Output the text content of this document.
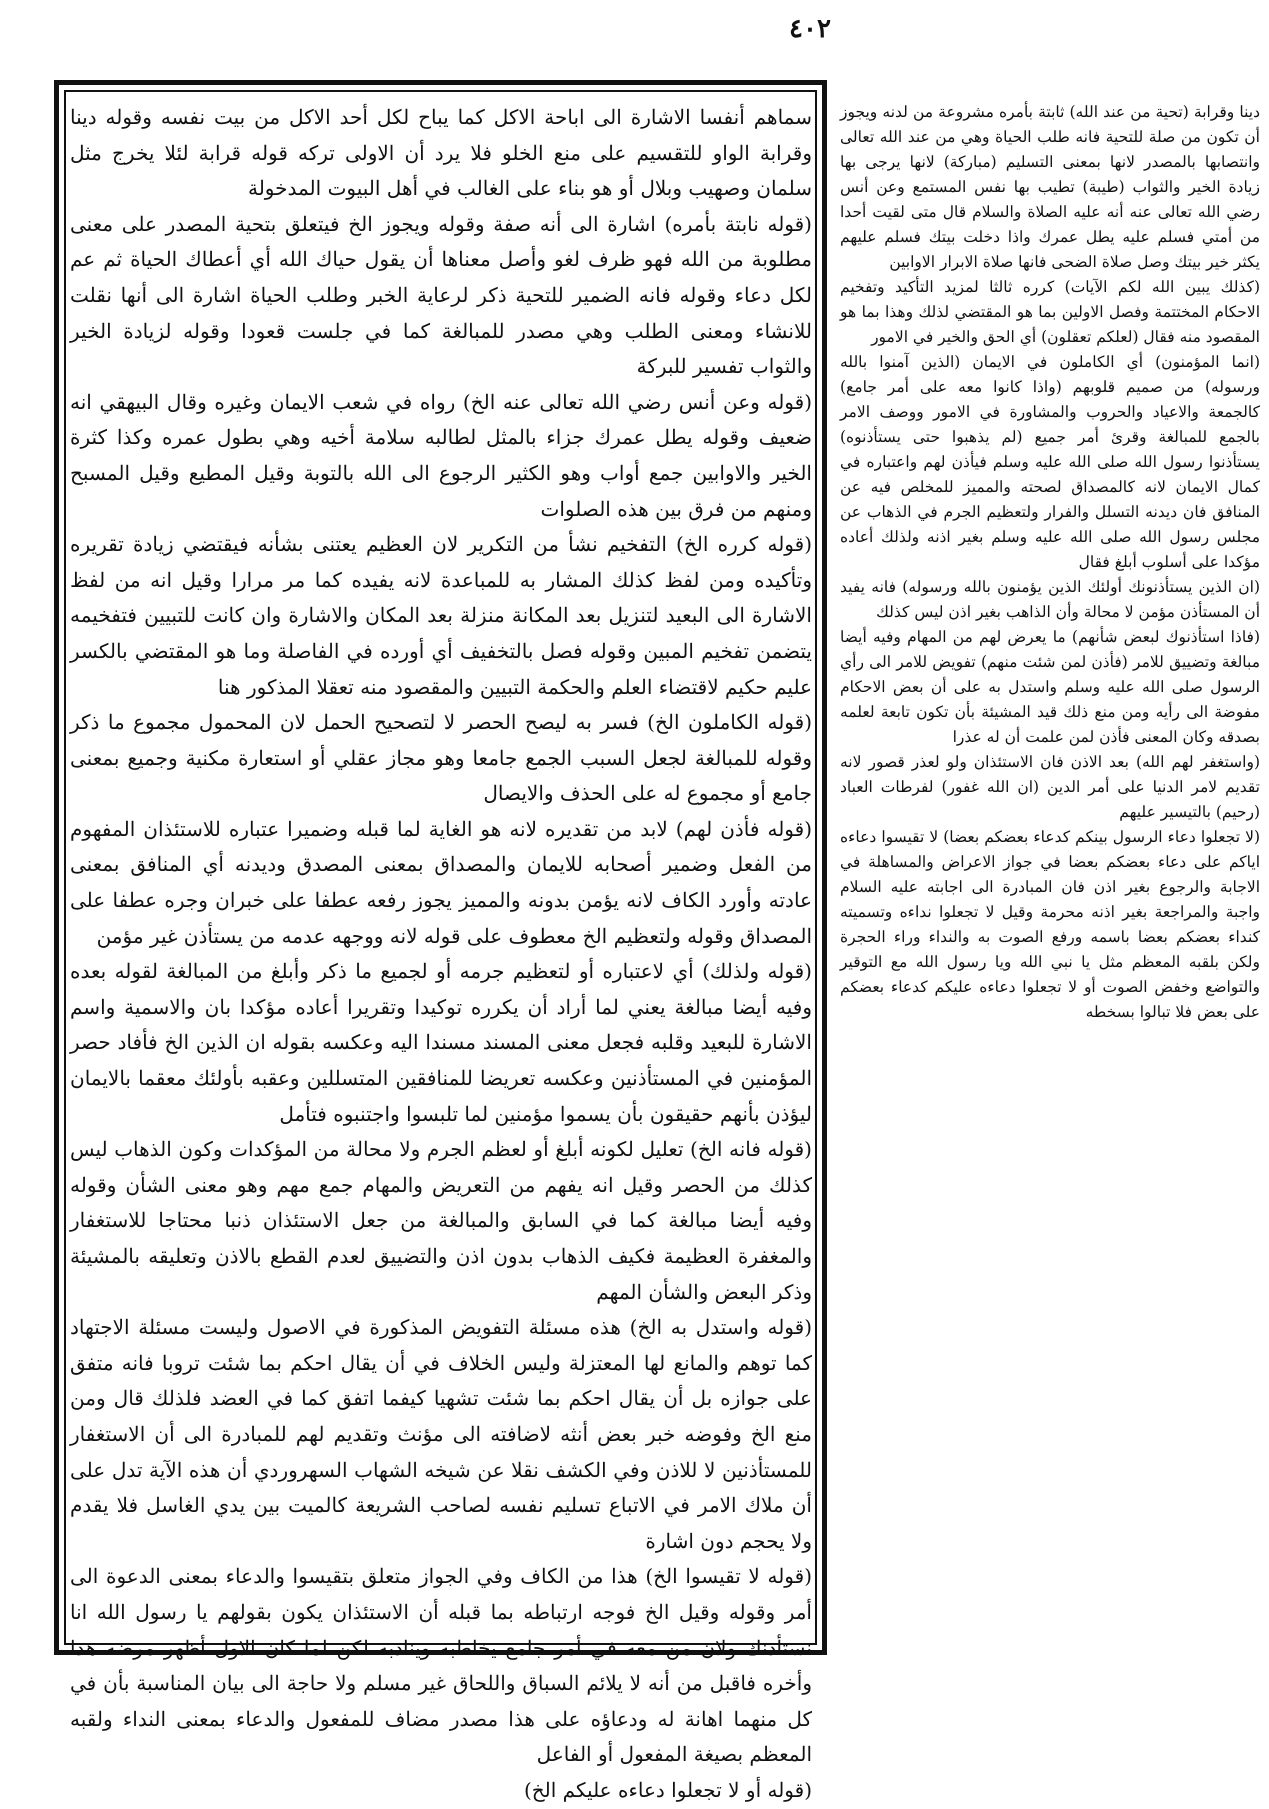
٤٠٢

سماهم أنفسا الاشارة الى اباحة الاكل كما يباح لكل أحد الاكل من بيت نفسه وقوله دينا وقرابة الواو للتقسيم على منع الخلو فلا يرد أن الاولى تركه قوله قرابة لئلا يخرج مثل سلمان وصهيب وبلال أو هو بناء على الغالب في أهل البيوت المدخولة

(قوله نابتة بأمره) اشارة الى أنه صفة وقوله ويجوز الخ فيتعلق بتحية المصدر على معنى مطلوبة من الله فهو ظرف لغو وأصل معناها أن يقول حياك الله أي أعطاك الحياة ثم عم لكل دعاء وقوله فانه الضمير للتحية ذكر لرعاية الخبر وطلب الحياة اشارة الى أنها نقلت للانشاء ومعنى الطلب وهي مصدر للمبالغة كما في جلست قعودا وقوله لزيادة الخير والثواب تفسير للبركة

(قوله وعن أنس رضي الله تعالى عنه الخ) رواه في شعب الايمان وغيره وقال البيهقي انه ضعيف وقوله يطل عمرك جزاء بالمثل لطالبه سلامة أخيه وهي بطول عمره وكذا كثرة الخير والاوابين جمع أواب وهو الكثير الرجوع الى الله بالتوبة وقيل المطيع وقيل المسبح ومنهم من فرق بين هذه الصلوات

(قوله كرره الخ) التفخيم نشأ من التكرير لان العظيم يعتنى بشأنه فيقتضي زيادة تقريره وتأكيده ومن لفظ كذلك المشار به للمباعدة لانه يفيده كما مر مرارا وقيل انه من لفظ الاشارة الى البعيد لتنزيل بعد المكانة منزلة بعد المكان والاشارة وان كانت للتبيين فتفخيمه يتضمن تفخيم المبين وقوله فصل بالتخفيف أي أورده في الفاصلة وما هو المقتضي بالكسر عليم حكيم لاقتضاء العلم والحكمة التبيين والمقصود منه تعقلا المذكور هنا

(قوله الكاملون الخ) فسر به ليصح الحصر لا لتصحيح الحمل لان المحمول مجموع ما ذكر وقوله للمبالغة لجعل السبب الجمع جامعا وهو مجاز عقلي أو استعارة مكنية وجميع بمعنى جامع أو مجموع له على الحذف والايصال

(قوله فأذن لهم) لابد من تقديره لانه هو الغاية لما قبله وضميرا عتباره للاستئذان المفهوم من الفعل وضمير أصحابه للايمان والمصداق بمعنى المصدق وديدنه أي المنافق بمعنى عادته وأورد الكاف لانه يؤمن بدونه والمميز يجوز رفعه عطفا على خبران وجره عطفا على المصداق وقوله ولتعظيم الخ معطوف على قوله لانه ووجهه عدمه من يستأذن غير مؤمن

(قوله ولذلك) أي لاعتباره أو لتعظيم جرمه أو لجميع ما ذكر وأبلغ من المبالغة لقوله بعده وفيه أيضا مبالغة يعني لما أراد أن يكرره توكيدا وتقريرا أعاده مؤكدا بان والاسمية واسم الاشارة للبعيد وقلبه فجعل معنى المسند مسندا اليه وعكسه بقوله ان الذين الخ فأفاد حصر المؤمنين في المستأذنين وعكسه تعريضا للمنافقين المتسللين وعقبه بأولئك معقما بالايمان ليؤذن بأنهم حقيقون بأن يسموا مؤمنين لما تلبسوا واجتنبوه فتأمل

(قوله فانه الخ) تعليل لكونه أبلغ أو لعظم الجرم ولا محالة من المؤكدات وكون الذهاب ليس كذلك من الحصر وقيل انه يفهم من التعريض والمهام جمع مهم وهو معنى الشأن وقوله وفيه أيضا مبالغة كما في السابق والمبالغة من جعل الاستئذان ذنبا محتاجا للاستغفار والمغفرة العظيمة فكيف الذهاب بدون اذن والتضييق لعدم القطع بالاذن وتعليقه بالمشيئة وذكر البعض والشأن المهم

(قوله واستدل به الخ) هذه مسئلة التفويض المذكورة في الاصول وليست مسئلة الاجتهاد كما توهم والمانع لها المعتزلة وليس الخلاف في أن يقال احكم بما شئت تروبا فانه متفق على جوازه بل أن يقال احكم بما شئت تشهيا كيفما اتفق كما في العضد فلذلك قال ومن منع الخ وفوضه خبر بعض أنثه لاضافته الى مؤنث وتقديم لهم للمبادرة الى أن الاستغفار للمستأذنين لا للاذن وفي الكشف نقلا عن شيخه الشهاب السهروردي أن هذه الآية تدل على أن ملاك الامر في الاتباع تسليم نفسه لصاحب الشريعة كالميت بين يدي الغاسل فلا يقدم ولا يحجم دون اشارة

(قوله لا تقيسوا الخ) هذا من الكاف وفي الجواز متعلق بتقيسوا والدعاء بمعنى الدعوة الى أمر وقوله وقيل الخ فوجه ارتباطه بما قبله أن الاستئذان يكون بقولهم يا رسول الله انا نستأذنك ولان من معه في أمر جامع يخاطبه وينادبه لكن لما كان الاول أظهر مرضه هذا وأخره فاقبل من أنه لا يلائم السباق واللحاق غير مسلم ولا حاجة الى بيان المناسبة بأن في كل منهما اهانة له ودعاؤه على هذا مصدر مضاف للمفعول والدعاء بمعنى النداء ولقبه المعظم بصيغة المفعول أو الفاعل

(قوله أو لا تجعلوا دعاءه عليكم الخ)

دينا وقرابة (تحية من عند الله) ثابتة بأمره مشروعة من لدنه ويجوز أن تكون من صلة للتحية فانه طلب الحياة وهي من عند الله تعالى وانتصابها بالمصدر لانها بمعنى التسليم (مباركة) لانها يرجى بها زيادة الخير والثواب (طيبة) تطيب بها نفس المستمع وعن أنس رضي الله تعالى عنه أنه عليه الصلاة والسلام قال متى لقيت أحدا من أمتي فسلم عليه يطل عمرك واذا دخلت بيتك فسلم عليهم يكثر خير بيتك وصل صلاة الضحى فانها صلاة الابرار الاوابين

(كذلك يبين الله لكم الآيات) كرره ثالثا لمزيد التأكيد وتفخيم الاحكام المختتمة وفصل الاولين بما هو المقتضي لذلك وهذا بما هو المقصود منه فقال (لعلكم تعقلون) أي الحق والخير في الامور

(انما المؤمنون) أي الكاملون في الايمان (الذين آمنوا بالله ورسوله) من صميم قلوبهم (واذا كانوا معه على أمر جامع) كالجمعة والاعياد والحروب والمشاورة في الامور ووصف الامر بالجمع للمبالغة وقرئ أمر جميع (لم يذهبوا حتى يستأذنوه) يستأذنوا رسول الله صلى الله عليه وسلم فيأذن لهم واعتباره في كمال الايمان لانه كالمصداق لصحته والمميز للمخلص فيه عن المنافق فان ديدنه التسلل والفرار ولتعظيم الجرم في الذهاب عن مجلس رسول الله صلى الله عليه وسلم بغير اذنه ولذلك أعاده مؤكدا على أسلوب أبلغ فقال

(ان الذين يستأذنونك أولئك الذين يؤمنون بالله ورسوله) فانه يفيد أن المستأذن مؤمن لا محالة وأن الذاهب بغير اذن ليس كذلك

(فاذا استأذنوك لبعض شأنهم) ما يعرض لهم من المهام وفيه أيضا مبالغة وتضييق للامر (فأذن لمن شئت منهم) تفويض للامر الى رأي الرسول صلى الله عليه وسلم واستدل به على أن بعض الاحكام مفوضة الى رأيه ومن منع ذلك قيد المشيئة بأن تكون تابعة لعلمه بصدقه وكان المعنى فأذن لمن علمت أن له عذرا

(واستغفر لهم الله) بعد الاذن فان الاستئذان ولو لعذر قصور لانه تقديم لامر الدنيا على أمر الدين (ان الله غفور) لفرطات العباد (رحيم) بالتيسير عليهم

(لا تجعلوا دعاء الرسول بينكم كدعاء بعضكم بعضا) لا تقيسوا دعاءه اياكم على دعاء بعضكم بعضا في جواز الاعراض والمساهلة في الاجابة والرجوع بغير اذن فان المبادرة الى اجابته عليه السلام واجبة والمراجعة بغير اذنه محرمة وقيل لا تجعلوا نداءه وتسميته كنداء بعضكم بعضا باسمه ورفع الصوت به والنداء وراء الحجرة ولكن بلقبه المعظم مثل يا نبي الله ويا رسول الله مع التوقير والتواضع وخفض الصوت أو لا تجعلوا دعاءه عليكم كدعاء بعضكم على بعض فلا تبالوا بسخطه
